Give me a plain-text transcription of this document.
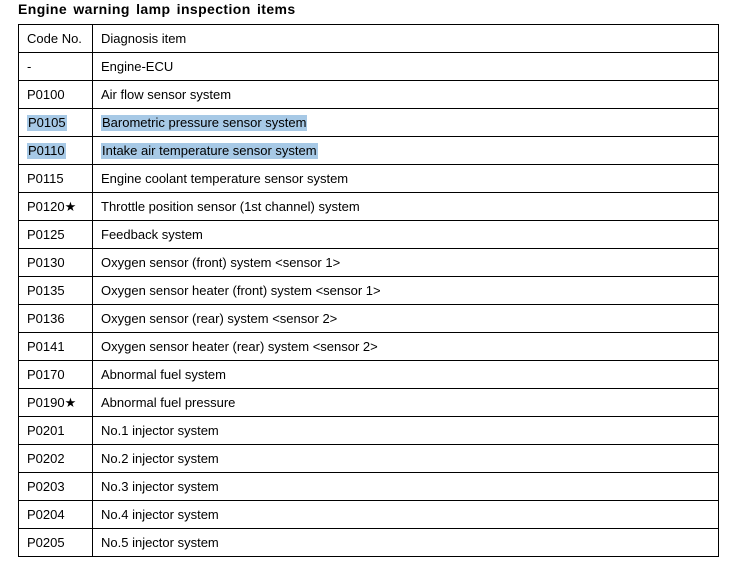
Engine warning lamp inspection items
Code No.	Diagnosis item
-	Engine-ECU
P0100	Air flow sensor system
P0105	Barometric pressure sensor system
P0110	Intake air temperature sensor system
P0115	Engine coolant temperature sensor system
P0120★	Throttle position sensor (1st channel) system
P0125	Feedback system
P0130	Oxygen sensor (front) system <sensor 1>
P0135	Oxygen sensor heater (front) system <sensor 1>
P0136	Oxygen sensor (rear) system <sensor 2>
P0141	Oxygen sensor heater (rear) system <sensor 2>
P0170	Abnormal fuel system
P0190★	Abnormal fuel pressure
P0201	No.1 injector system
P0202	No.2 injector system
P0203	No.3 injector system
P0204	No.4 injector system
P0205	No.5 injector system
